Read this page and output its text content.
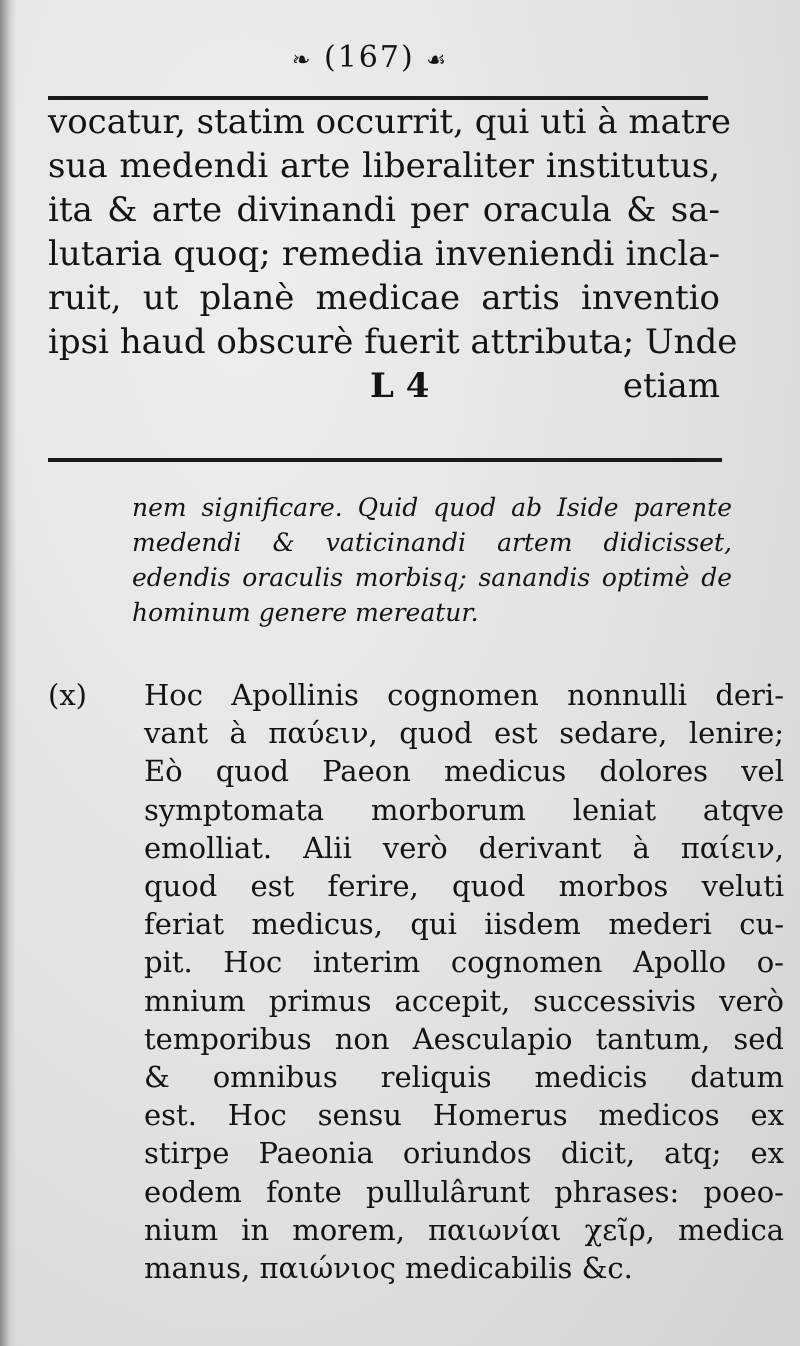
❧ (167) ☙
vocatur, statim occurrit, qui uti à matre
sua medendi arte liberaliter institutus,
ita & arte divinandi per oracula & sa-
lutaria quoq; remedia inveniendi incla-
ruit, ut planè medicae artis inventio
ipsi haud obscurè fuerit attributa; Unde
L 4	etiam
nem significare. Quid quod ab Iside parente
medendi & vaticinandi artem didicisset,
edendis oraculis morbisq; sanandis optimè de
hominum genere mereatur.
(x) Hoc Apollinis cognomen nonnulli deri-
vant à παύειν, quod est sedare, lenire;
Eò quod Paeon medicus dolores vel
symptomata morborum leniat atqve
emolliat. Alii verò derivant à παίειν,
quod est ferire, quod morbos veluti
feriat medicus, qui iisdem mederi cu-
pit. Hoc interim cognomen Apollo o-
mnium primus accepit, successivis verò
temporibus non Aesculapio tantum, sed
& omnibus reliquis medicis datum
est. Hoc sensu Homerus medicos ex
stirpe Paeonia oriundos dicit, atq; ex
eodem fonte pullulârunt phrases: poeo-
nium in morem, παιωνίαι χεῖρ, medica
manus, παιώνιος medicabilis &c.
